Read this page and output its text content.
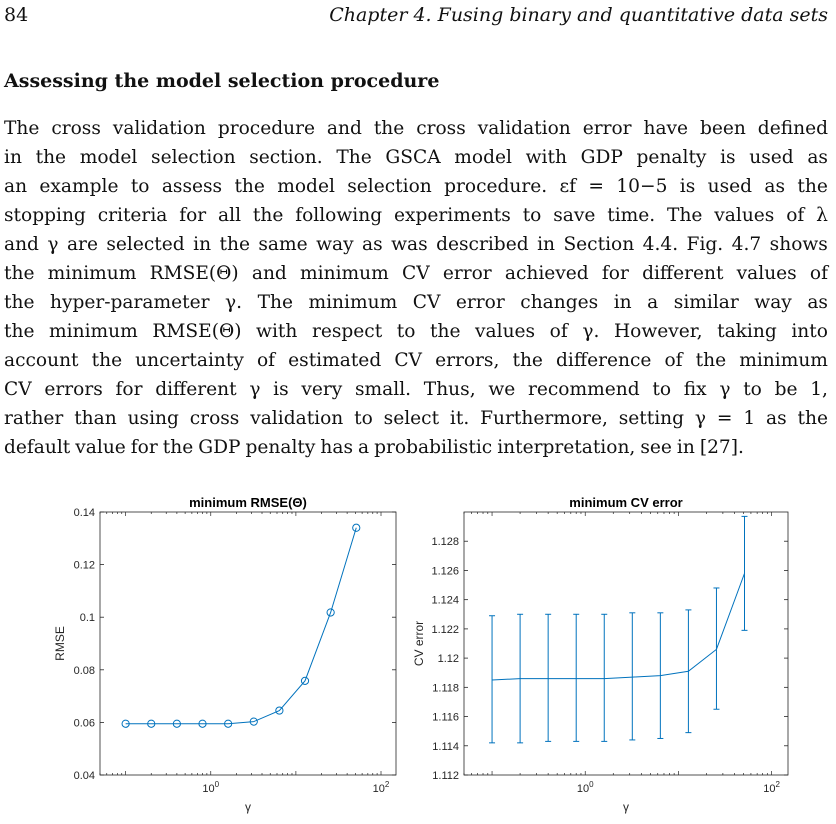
84	Chapter 4. Fusing binary and quantitative data sets
Assessing the model selection procedure
The cross validation procedure and the cross validation error have been defined
in the model selection section. The GSCA model with GDP penalty is used as
an example to assess the model selection procedure. εf = 10−5 is used as the
stopping criteria for all the following experiments to save time. The values of λ
and γ are selected in the same way as was described in Section 4.4. Fig. 4.7 shows
the minimum RMSE(Θ) and minimum CV error achieved for different values of
the hyper-parameter γ. The minimum CV error changes in a similar way as
the minimum RMSE(Θ) with respect to the values of γ. However, taking into
account the uncertainty of estimated CV errors, the difference of the minimum
CV errors for different γ is very small. Thus, we recommend to fix γ to be 1,
rather than using cross validation to select it. Furthermore, setting γ = 1 as the
default value for the GDP penalty has a probabilistic interpretation, see in [27].
0.04
0.06
0.08
0.1
0.12
0.14
$10^0$	$10^2$
minimum RMSE(Θ)
γ
RMSE
1.112
1.114
1.116
1.118
1.12
1.122
1.124
1.126
1.128
$10^0$	$10^2$
minimum CV error
γ
CV error
